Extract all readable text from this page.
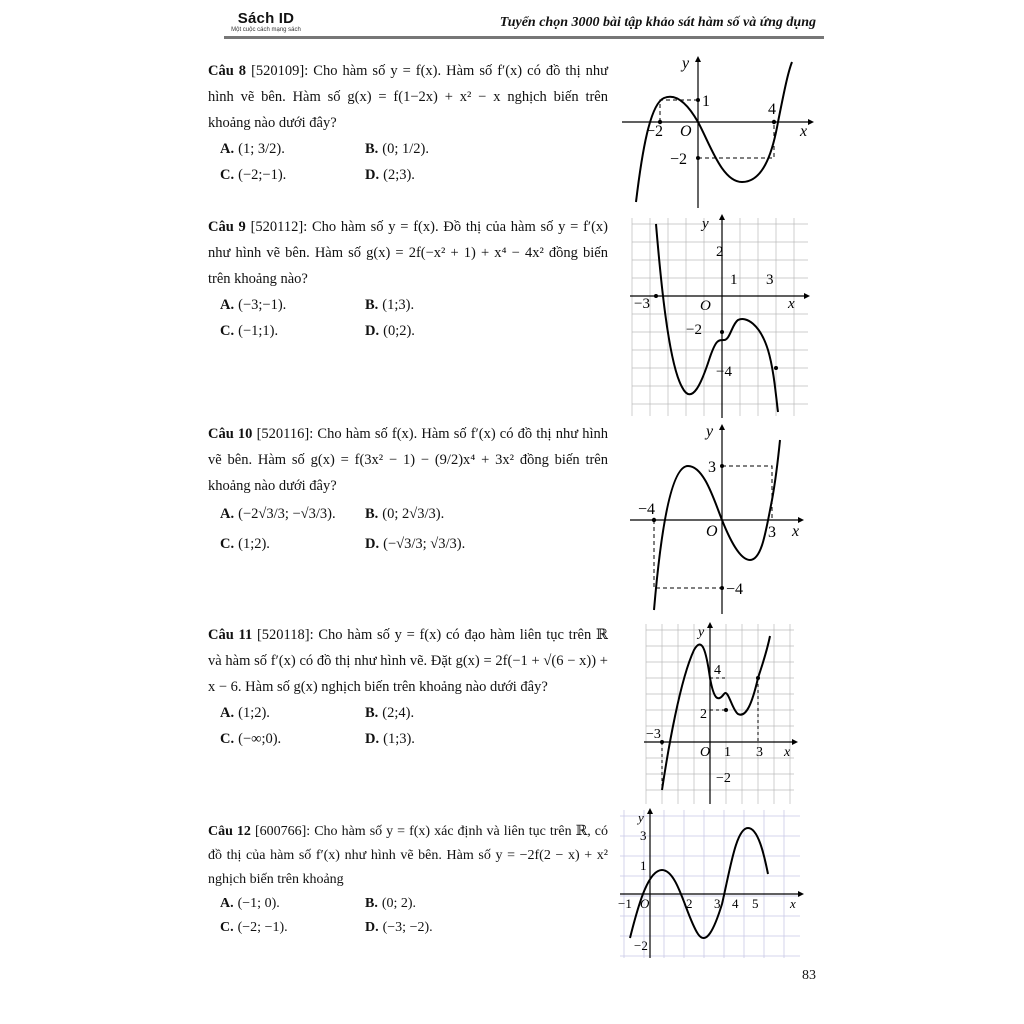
Sách ID
Một cuộc cách mạng sách	Tuyển chọn 3000 bài tập khảo sát hàm số và ứng dụng

Câu 8 [520109]: Cho hàm số y = f(x). Hàm số f′(x) có đồ thị như hình vẽ bên. Hàm số g(x) = f(1−2x) + x² − x nghịch biến trên khoảng nào dưới đây?

A. (1; 3/2).	B. (0; 1/2).
C. (−2;−1).	D. (2;3).

Câu 9 [520112]: Cho hàm số y = f(x). Đồ thị của hàm số y = f′(x) như hình vẽ bên. Hàm số g(x) = 2f(−x² + 1) + x⁴ − 4x² đồng biến trên khoảng nào?

A. (−3;−1).	B. (1;3).
C. (−1;1).	D. (0;2).

Câu 10 [520116]: Cho hàm số f(x). Hàm số f′(x) có đồ thị như hình vẽ bên. Hàm số g(x) = f(3x² − 1) − (9/2)x⁴ + 3x² đồng biến trên khoảng nào dưới đây?

A. (−2√3/3; −√3/3).	B. (0; 2√3/3).
C. (1;2).	D. (−√3/3; √3/3).

Câu 11 [520118]: Cho hàm số y = f(x) có đạo hàm liên tục trên ℝ và hàm số f′(x) có đồ thị như hình vẽ. Đặt g(x) = 2f(−1 + √(6 − x)) + x − 6. Hàm số g(x) nghịch biến trên khoảng nào dưới đây?

A. (1;2).	B. (2;4).
C. (−∞;0).	D. (1;3).

Câu 12 [600766]: Cho hàm số y = f(x) xác định và liên tục trên ℝ, có đồ thị của hàm số f′(x) như hình vẽ bên. Hàm số y = −2f(2 − x) + x² nghịch biến trên khoảng

A. (−1; 0).	B. (0; 2).
C. (−2; −1).	D. (−3; −2).
y
x
O
1	4
−2
−2
y
x
O
2
1 3
−3
−2
−4
y
x
O
3
−4
3
−4
y
x
O
4
2
−3
1 3
−2
y
x
O
3
1
−1	2 3 4 5
−2
83
